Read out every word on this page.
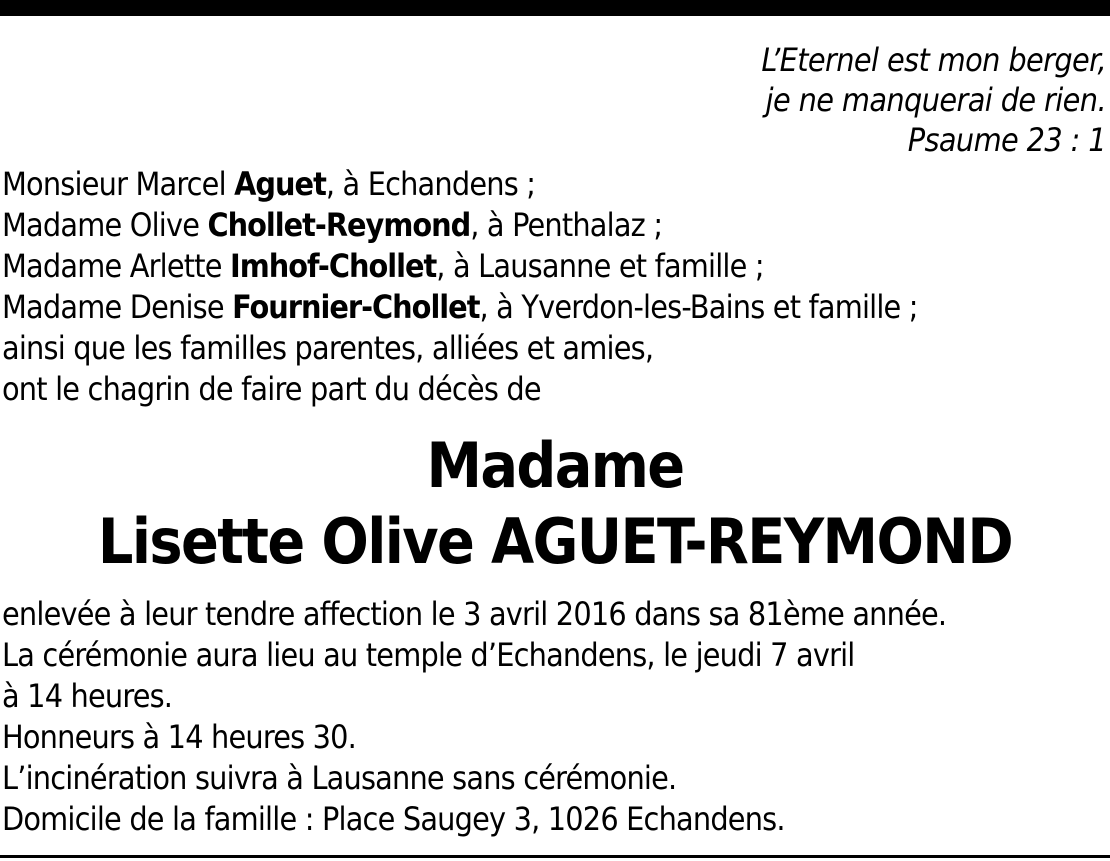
L’Eternel est mon berger,
je ne manquerai de rien.
Psaume 23 : 1
Monsieur Marcel Aguet, à Echandens ;
Madame Olive Chollet-Reymond, à Penthalaz ;
Madame Arlette Imhof-Chollet, à Lausanne et famille ;
Madame Denise Fournier-Chollet, à Yverdon-les-Bains et famille ;
ainsi que les familles parentes, alliées et amies,
ont le chagrin de faire part du décès de
Madame
Lisette Olive AGUET-REYMOND
enlevée à leur tendre affection le 3 avril 2016 dans sa 81ème année.
La cérémonie aura lieu au temple d’Echandens, le jeudi 7 avril
à 14 heures.
Honneurs à 14 heures 30.
L’incinération suivra à Lausanne sans cérémonie.
Domicile de la famille : Place Saugey 3, 1026 Echandens.
